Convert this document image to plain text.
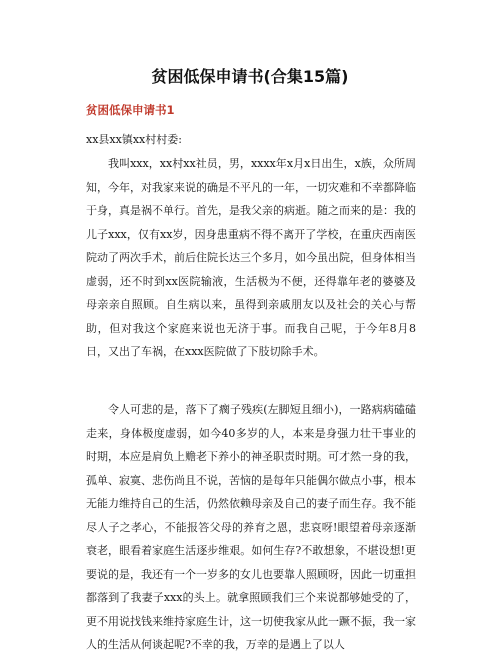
贫困低保申请书(合集15篇)
贫困低保申请书1

xx县xx镇xx村村委:

我叫xxx，xx村xx社员，男，xxxx年x月x日出生，x族，众所周知，今年，对我家来说的确是不平凡的一年，一切灾难和不幸都降临于身，真是祸不单行。首先，是我父亲的病逝。随之而来的是：我的儿子xxx，仅有xx岁，因身患重病不得不离开了学校，在重庆西南医院动了两次手术，前后住院长达三个多月，如今虽出院，但身体相当虚弱，还不时到xx医院输液，生活极为不便，还得靠年老的婆婆及母亲亲自照顾。自生病以来，虽得到亲戚朋友以及社会的关心与帮助，但对我这个家庭来说也无济于事。而我自己呢，于今年8月8日，又出了车祸，在xxx医院做了下肢切除手术。

令人可悲的是，落下了瘸子残疾(左脚短且细小)，一路病病磕磕走来，身体极度虚弱，如今40多岁的人，本来是身强力壮干事业的时期，本应是肩负上赡老下养小的神圣职责时期。可才然一身的我，孤单、寂寞、悲伤尚且不说，苦恼的是每年只能偶尔做点小事，根本无能力维持自己的生活，仍然依赖母亲及自己的妻子而生存。我不能尽人子之孝心，不能报答父母的养育之恩，悲哀呀!眼望着母亲逐渐衰老，眼看着家庭生活逐步维艰。如何生存?不敢想象，不堪设想!更要说的是，我还有一个一岁多的女儿也要靠人照顾呀，因此一切重担都落到了我妻子xxx的头上。就拿照顾我们三个来说都够她受的了，更不用说找钱来维持家庭生计，这一切使我家从此一蹶不振，我一家人的生活从何谈起呢?不幸的我，万幸的是遇上了以人
